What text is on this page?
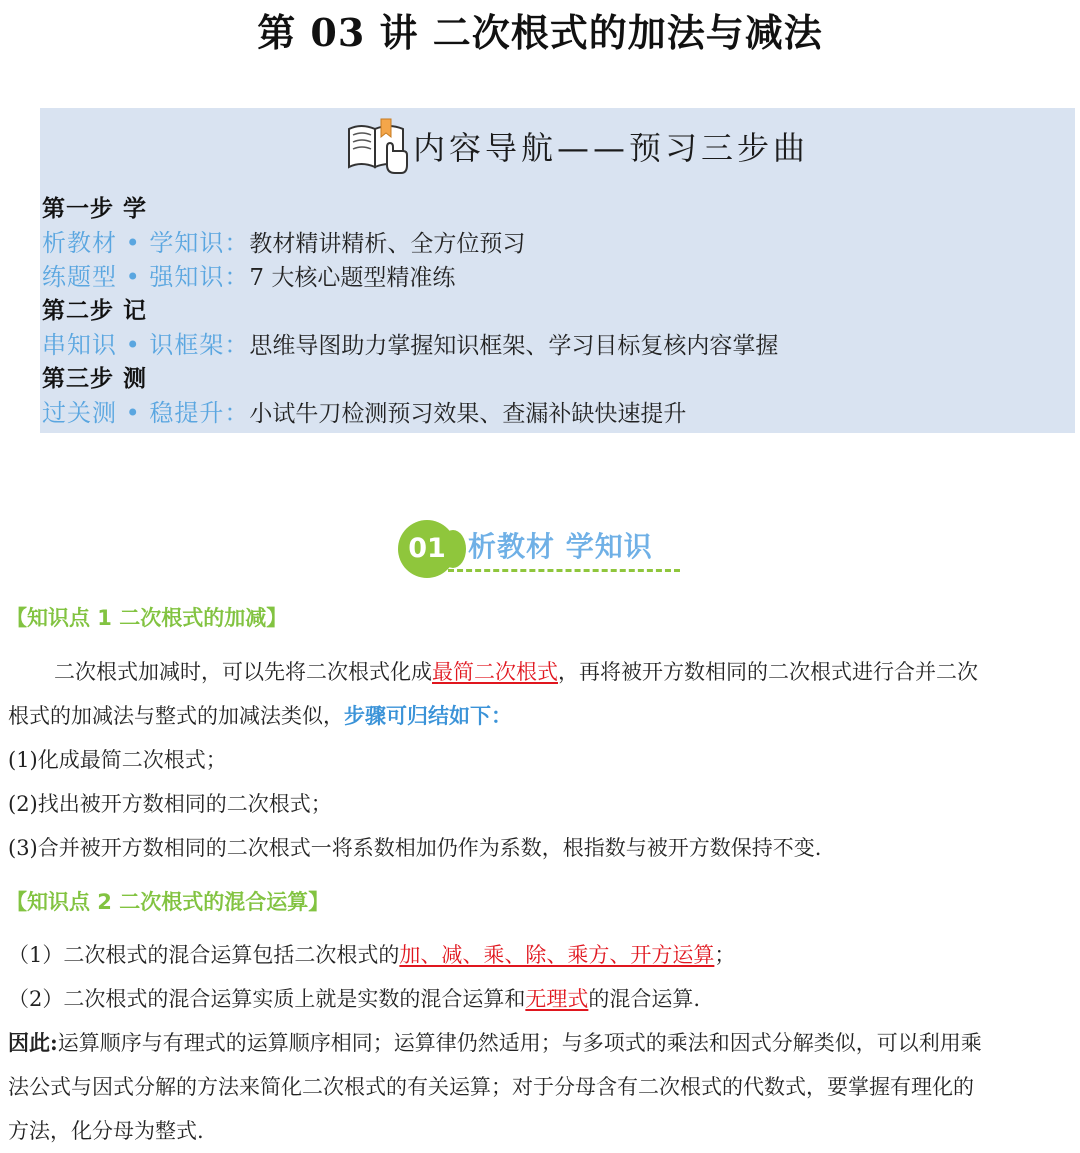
第 03 讲 二次根式的加法与减法
内容导航——预习三步曲
第一步 学
析教材 • 学知识：教材精讲精析、全方位预习
练题型 • 强知识：7 大核心题型精准练
第二步 记
串知识 • 识框架：思维导图助力掌握知识框架、学习目标复核内容掌握
第三步 测
过关测 • 稳提升：小试牛刀检测预习效果、查漏补缺快速提升
01 析教材 学知识
【知识点 1 二次根式的加减】
二次根式加减时，可以先将二次根式化成最简二次根式，再将被开方数相同的二次根式进行合并二次
根式的加减法与整式的加减法类似，步骤可归结如下：
(1)化成最简二次根式；
(2)找出被开方数相同的二次根式；
(3)合并被开方数相同的二次根式一将系数相加仍作为系数，根指数与被开方数保持不变.
【知识点 2 二次根式的混合运算】
（1）二次根式的混合运算包括二次根式的加、减、乘、除、乘方、开方运算；
（2）二次根式的混合运算实质上就是实数的混合运算和无理式的混合运算.
因此:运算顺序与有理式的运算顺序相同；运算律仍然适用；与多项式的乘法和因式分解类似，可以利用乘
法公式与因式分解的方法来简化二次根式的有关运算；对于分母含有二次根式的代数式，要掌握有理化的
方法，化分母为整式.
